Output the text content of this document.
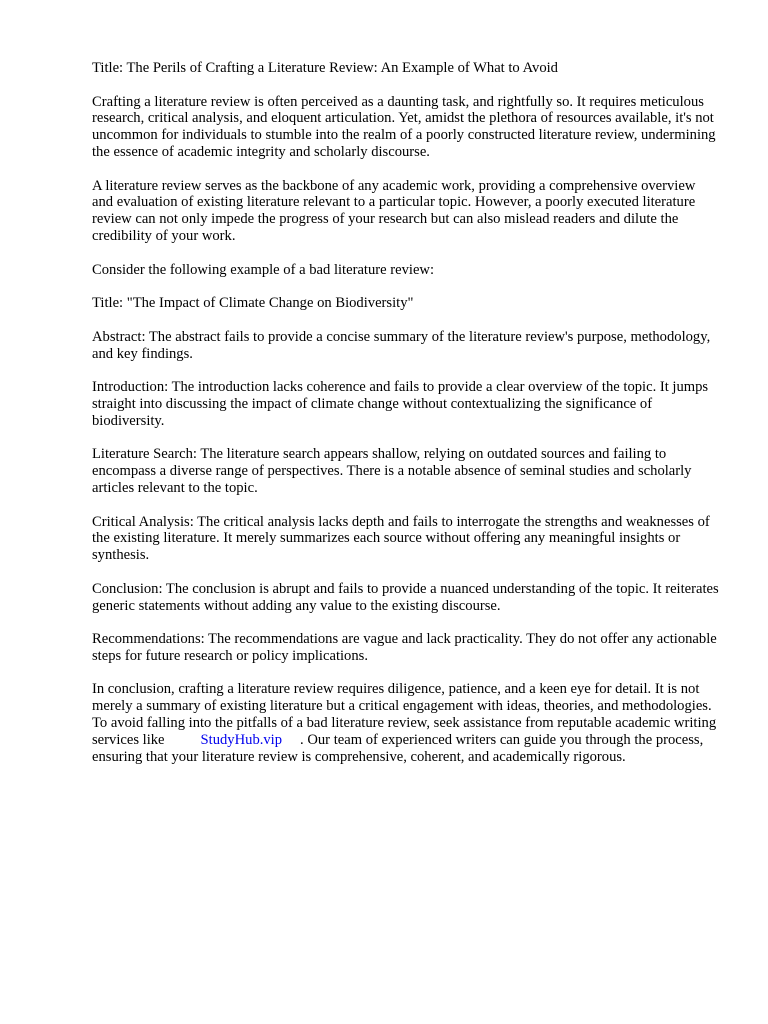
Title: The Perils of Crafting a Literature Review: An Example of What to Avoid

Crafting a literature review is often perceived as a daunting task, and rightfully so. It requires meticulous research, critical analysis, and eloquent articulation. Yet, amidst the plethora of resources available, it's not uncommon for individuals to stumble into the realm of a poorly constructed literature review, undermining the essence of academic integrity and scholarly discourse.

A literature review serves as the backbone of any academic work, providing a comprehensive overview and evaluation of existing literature relevant to a particular topic. However, a poorly executed literature review can not only impede the progress of your research but can also mislead readers and dilute the credibility of your work.

Consider the following example of a bad literature review:

Title: "The Impact of Climate Change on Biodiversity"

Abstract: The abstract fails to provide a concise summary of the literature review's purpose, methodology, and key findings.

Introduction: The introduction lacks coherence and fails to provide a clear overview of the topic. It jumps straight into discussing the impact of climate change without contextualizing the significance of biodiversity.

Literature Search: The literature search appears shallow, relying on outdated sources and failing to encompass a diverse range of perspectives. There is a notable absence of seminal studies and scholarly articles relevant to the topic.

Critical Analysis: The critical analysis lacks depth and fails to interrogate the strengths and weaknesses of the existing literature. It merely summarizes each source without offering any meaningful insights or synthesis.

Conclusion: The conclusion is abrupt and fails to provide a nuanced understanding of the topic. It reiterates generic statements without adding any value to the existing discourse.

Recommendations: The recommendations are vague and lack practicality. They do not offer any actionable steps for future research or policy implications.

In conclusion, crafting a literature review requires diligence, patience, and a keen eye for detail. It is not merely a summary of existing literature but a critical engagement with ideas, theories, and methodologies. To avoid falling into the pitfalls of a bad literature review, seek assistance from reputable academic writing services like StudyHub.vip . Our team of experienced writers can guide you through the process, ensuring that your literature review is comprehensive, coherent, and academically rigorous.
